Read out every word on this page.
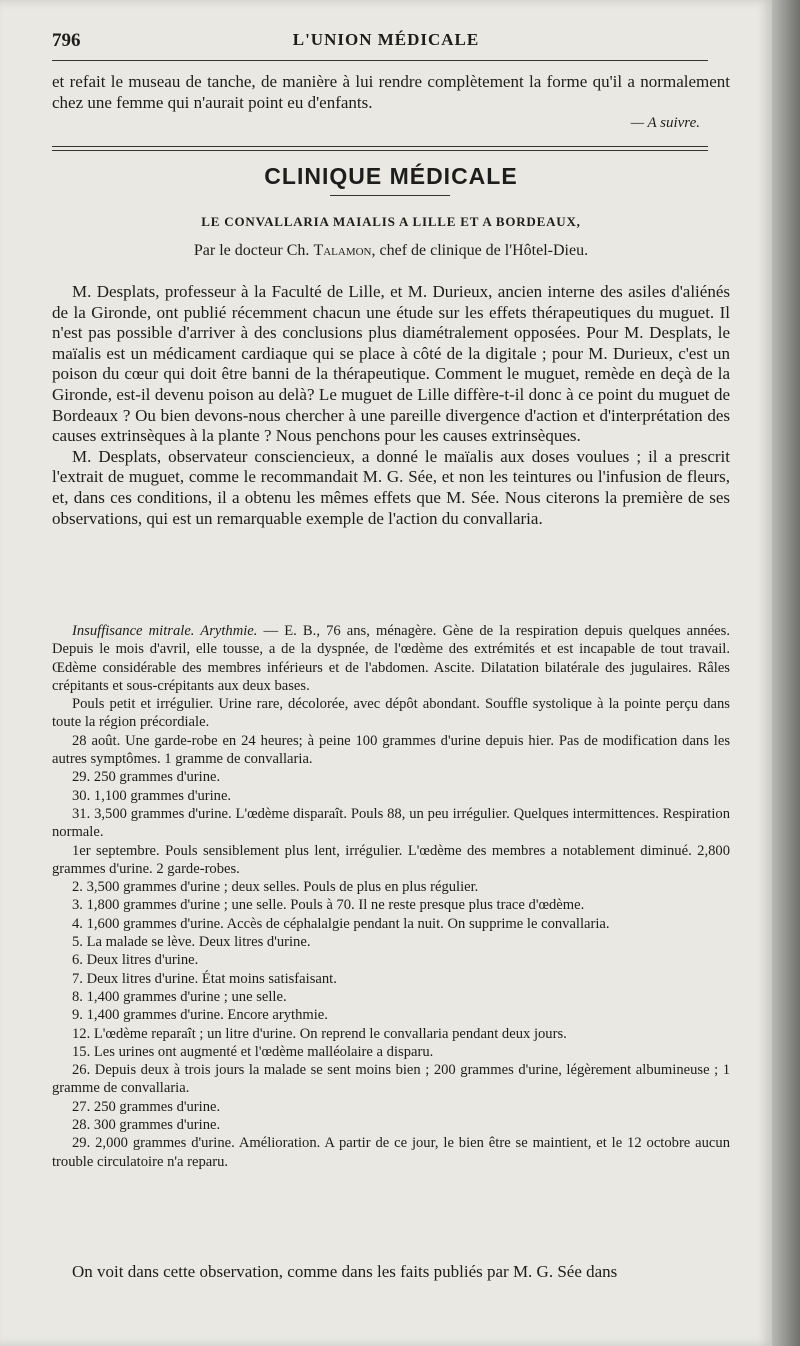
796	L'UNION MÉDICALE

et refait le museau de tanche, de manière à lui rendre complètement la forme qu'il a normalement chez une femme qui n'aurait point eu d'enfants.

— A suivre.

CLINIQUE MÉDICALE
LE CONVALLARIA MAIALIS A LILLE ET A BORDEAUX,
Par le docteur Ch. Talamon, chef de clinique de l'Hôtel-Dieu.

M. Desplats, professeur à la Faculté de Lille, et M. Durieux, ancien interne des asiles d'aliénés de la Gironde, ont publié récemment chacun une étude sur les effets thérapeutiques du muguet. Il n'est pas possible d'arriver à des conclusions plus diamétralement opposées. Pour M. Desplats, le maïalis est un médicament cardiaque qui se place à côté de la digitale ; pour M. Durieux, c'est un poison du cœur qui doit être banni de la thérapeutique. Comment le muguet, remède en deçà de la Gironde, est-il devenu poison au delà? Le muguet de Lille diffère-t-il donc à ce point du muguet de Bordeaux ? Ou bien devons-nous chercher à une pareille divergence d'action et d'interprétation des causes extrinsèques à la plante ? Nous penchons pour les causes extrinsèques.

M. Desplats, observateur consciencieux, a donné le maïalis aux doses voulues ; il a prescrit l'extrait de muguet, comme le recommandait M. G. Sée, et non les teintures ou l'infusion de fleurs, et, dans ces conditions, il a obtenu les mêmes effets que M. Sée. Nous citerons la première de ses observations, qui est un remarquable exemple de l'action du convallaria.

Insuffisance mitrale. Arythmie. — E. B., 76 ans, ménagère. Gène de la respiration depuis quelques années. Depuis le mois d'avril, elle tousse, a de la dyspnée, de l'œdème des extrémités et est incapable de tout travail. Œdème considérable des membres inférieurs et de l'abdomen. Ascite. Dilatation bilatérale des jugulaires. Râles crépitants et sous-crépitants aux deux bases.

Pouls petit et irrégulier. Urine rare, décolorée, avec dépôt abondant. Souffle systolique à la pointe perçu dans toute la région précordiale.

28 août. Une garde-robe en 24 heures; à peine 100 grammes d'urine depuis hier. Pas de modification dans les autres symptômes. 1 gramme de convallaria.

29. 250 grammes d'urine.

30. 1,100 grammes d'urine.

31. 3,500 grammes d'urine. L'œdème disparaît. Pouls 88, un peu irrégulier. Quelques intermittences. Respiration normale.

1er septembre. Pouls sensiblement plus lent, irrégulier. L'œdème des membres a notablement diminué. 2,800 grammes d'urine. 2 garde-robes.

2. 3,500 grammes d'urine ; deux selles. Pouls de plus en plus régulier.

3. 1,800 grammes d'urine ; une selle. Pouls à 70. Il ne reste presque plus trace d'œdème.

4. 1,600 grammes d'urine. Accès de céphalalgie pendant la nuit. On supprime le convallaria.

5. La malade se lève. Deux litres d'urine.

6. Deux litres d'urine.

7. Deux litres d'urine. État moins satisfaisant.

8. 1,400 grammes d'urine ; une selle.

9. 1,400 grammes d'urine. Encore arythmie.

12. L'œdème reparaît ; un litre d'urine. On reprend le convallaria pendant deux jours.

15. Les urines ont augmenté et l'œdème malléolaire a disparu.

26. Depuis deux à trois jours la malade se sent moins bien ; 200 grammes d'urine, légèrement albumineuse ; 1 gramme de convallaria.

27. 250 grammes d'urine.

28. 300 grammes d'urine.

29. 2,000 grammes d'urine. Amélioration. A partir de ce jour, le bien être se maintient, et le 12 octobre aucun trouble circulatoire n'a reparu.

On voit dans cette observation, comme dans les faits publiés par M. G. Sée dans
